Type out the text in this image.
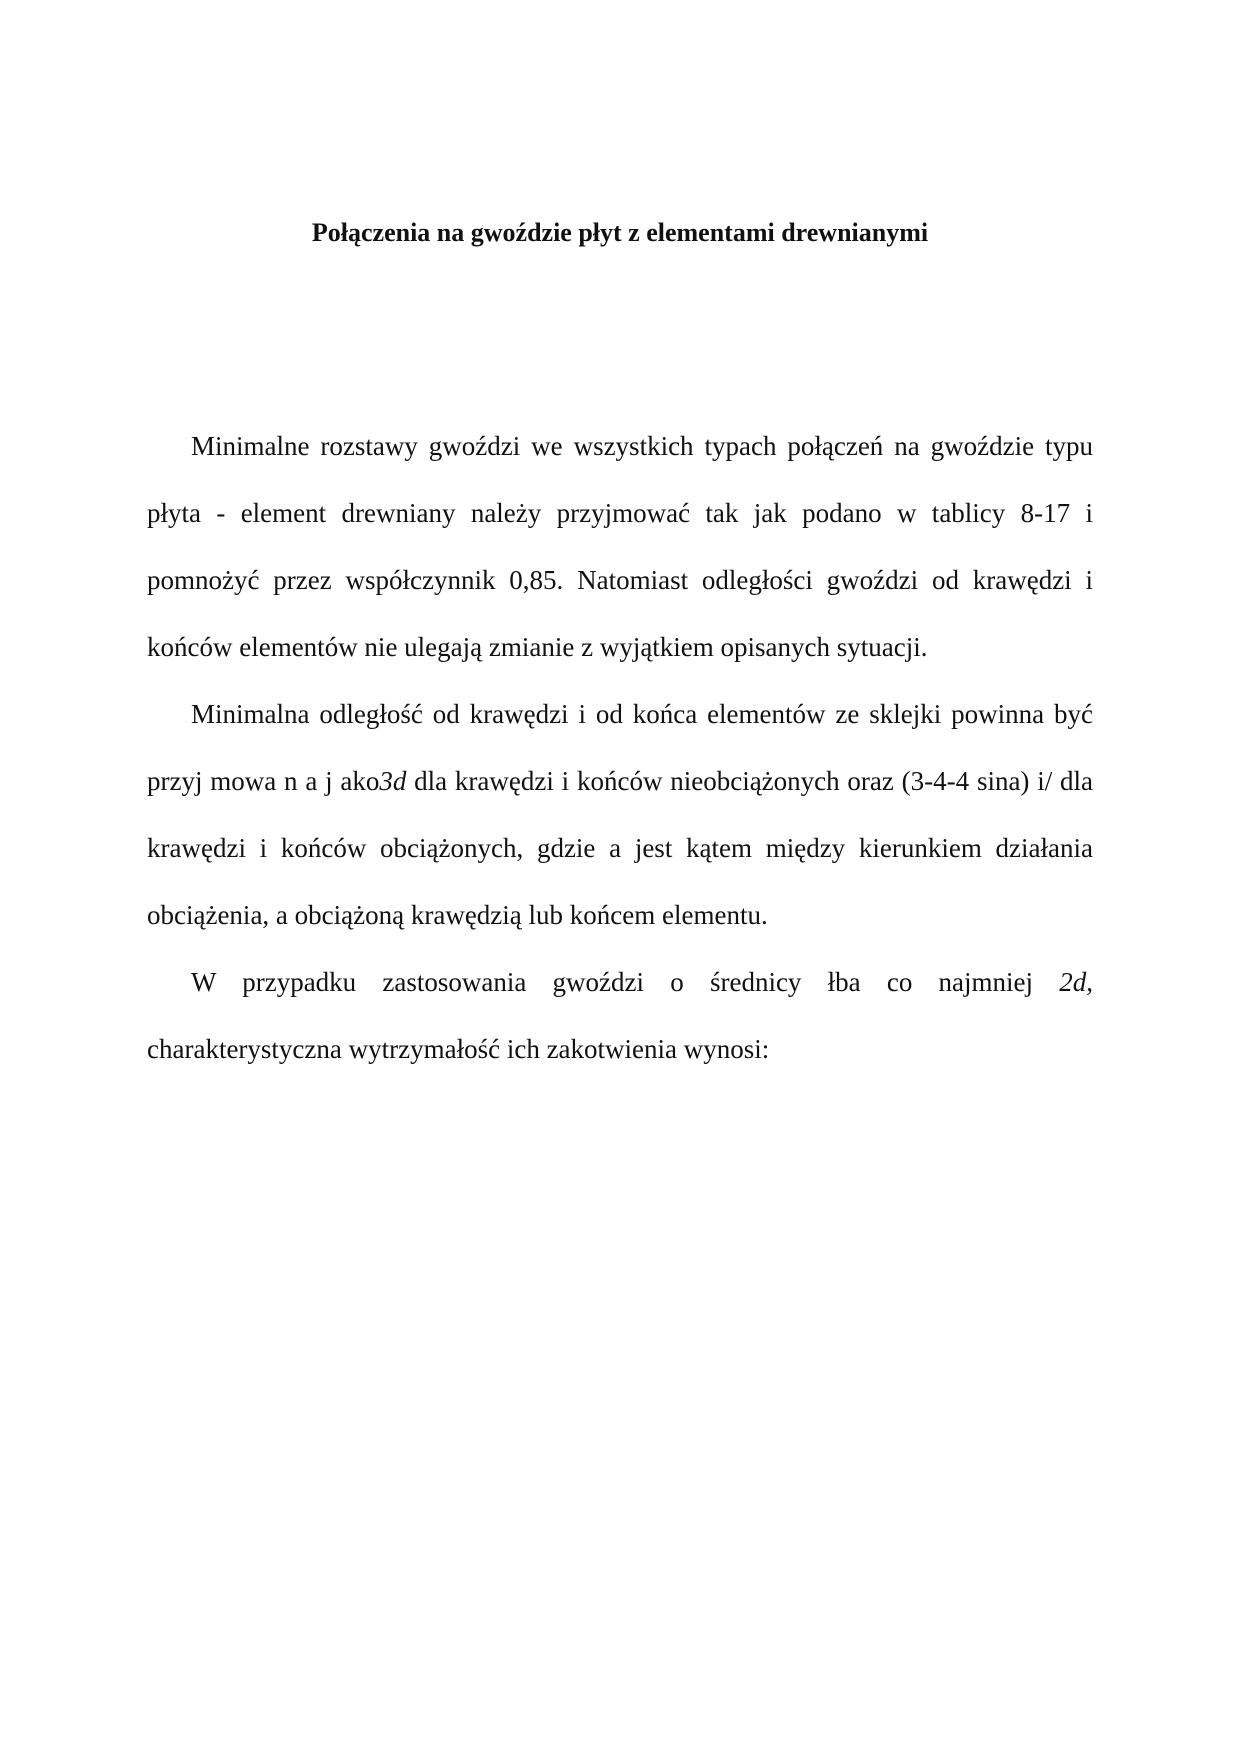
Połączenia na gwoździe płyt z elementami drewnianymi

Minimalne rozstawy gwoździ we wszystkich typach połączeń na gwoździe typu płyta - element drewniany należy przyjmować tak jak podano w tablicy 8-17 i pomnożyć przez współczynnik 0,85. Natomiast odległości gwoździ od krawędzi i końców elementów nie ulegają zmianie z wyjątkiem opisanych sytuacji.

Minimalna odległość od krawędzi i od końca elementów ze sklejki powinna być przyj mowa n a j ako3d dla krawędzi i końców nieobciążonych oraz (3-4-4 sina) i/ dla krawędzi i końców obciążonych, gdzie a jest kątem między kierunkiem działania obciążenia, a obciążoną krawędzią lub końcem elementu.

W przypadku zastosowania gwoździ o średnicy łba co najmniej 2d, charakterystyczna wytrzymałość ich zakotwienia wynosi:
